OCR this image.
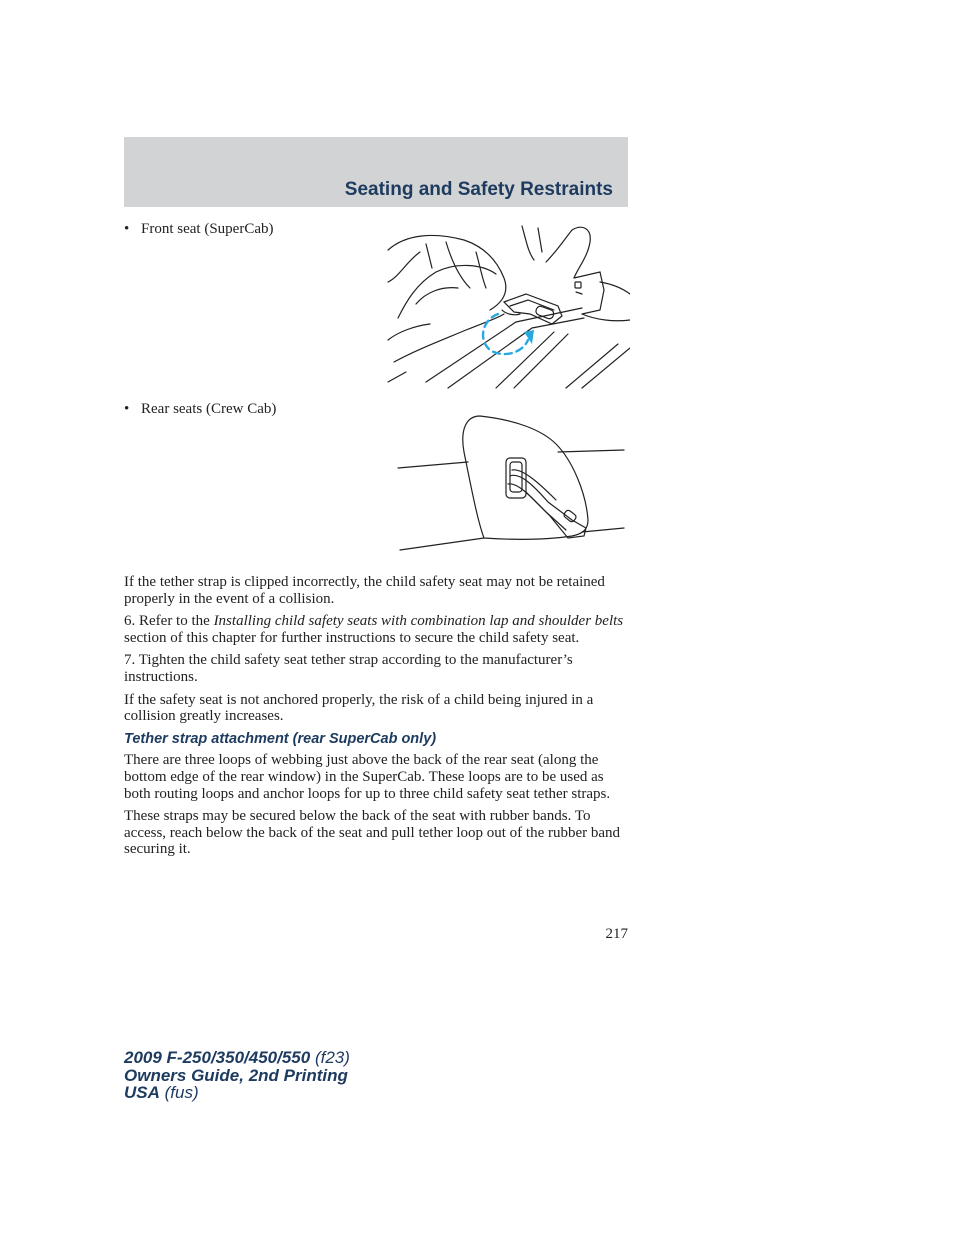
Seating and Safety Restraints
• Front seat (SuperCab)
• Rear seats (Crew Cab)

If the tether strap is clipped incorrectly, the child safety seat may not be retained properly in the event of a collision.

6. Refer to the Installing child safety seats with combination lap and shoulder belts section of this chapter for further instructions to secure the child safety seat.

7. Tighten the child safety seat tether strap according to the manufacturer’s instructions.

If the safety seat is not anchored properly, the risk of a child being injured in a collision greatly increases.

Tether strap attachment (rear SuperCab only)

There are three loops of webbing just above the back of the rear seat (along the bottom edge of the rear window) in the SuperCab. These loops are to be used as both routing loops and anchor loops for up to three child safety seat tether straps.

These straps may be secured below the back of the seat with rubber bands. To access, reach below the back of the seat and pull tether loop out of the rubber band securing it.

217
2009 F-250/350/450/550 (f23)
Owners Guide, 2nd Printing
USA (fus)
